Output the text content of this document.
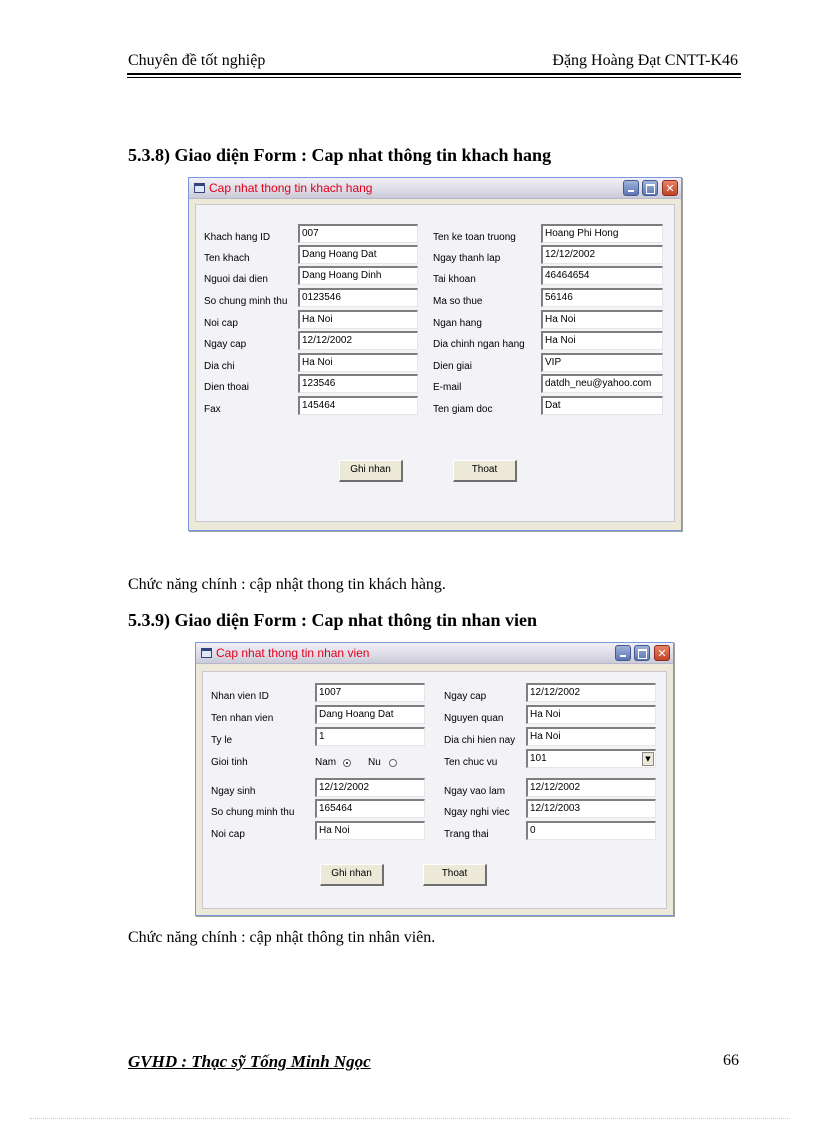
Chuyên đề tốt nghiệp	Đặng Hoàng Đạt CNTT-K46
5.3.8) Giao diện Form : Cap nhat thông tin khach hang
Cap nhat thong tin khach hang	✕
Khach hang ID	007
Ten khach	Dang Hoang Dat
Nguoi dai dien	Dang Hoang Dinh
So chung minh thu	0123546
Noi cap	Ha Noi
Ngay cap	12/12/2002
Dia chi	Ha Noi
Dien thoai	123546
Fax	145464
Ten ke toan truong	Hoang Phi Hong
Ngay thanh lap	12/12/2002
Tai khoan	46464654
Ma so thue	56146
Ngan hang	Ha Noi
Dia chinh ngan hang	Ha Noi
Dien giai	VIP
E-mail	datdh_neu@yahoo.com
Ten giam doc	Dat
Ghi nhan	Thoat
Chức năng chính : cập nhật thong tin khách hàng.
5.3.9) Giao diện Form : Cap nhat thông tin nhan vien
Cap nhat thong tin nhan vien	✕
Nhan vien ID	1007
Ten nhan vien	Dang Hoang Dat
Ty le	1
Gioi tinh	Nam	Nu
Ngay sinh	12/12/2002
So chung minh thu	165464
Noi cap	Ha Noi
Ngay cap	12/12/2002
Nguyen quan	Ha Noi
Dia chi hien nay	Ha Noi
Ten chuc vu	101	▼
Ngay vao lam	12/12/2002
Ngay nghi viec	12/12/2003
Trang thai	0
Ghi nhan	Thoat
Chức năng chính : cập nhật thông tin nhân viên.
GVHD : Thạc sỹ Tống Minh Ngọc	66
